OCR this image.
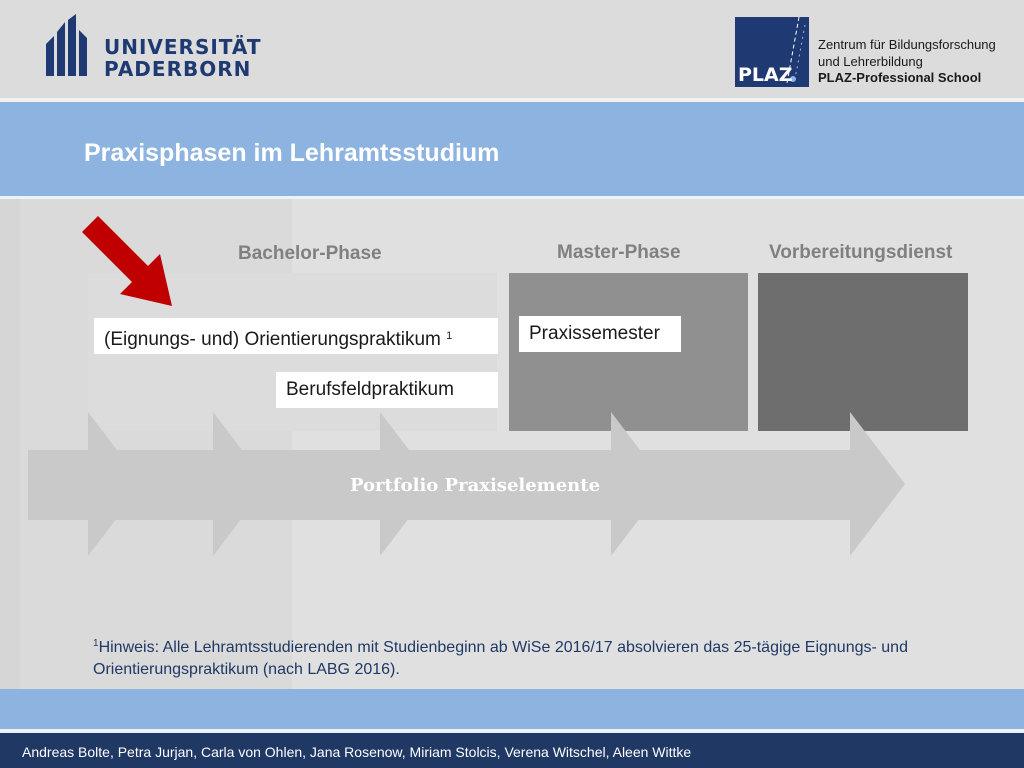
UNIVERSITÄT
PADERBORN	PLAZ
Zentrum für Bildungsforschung
und Lehrerbildung
PLAZ-Professional School
Praxisphasen im Lehramtsstudium
Bachelor-Phase	Master-Phase	Vorbereitungsdienst
Portfolio Praxiselemente
(Eignungs- und) Orientierungspraktikum $^1$
Berufsfeldpraktikum
Praxissemester
$^1$Hinweis: Alle Lehramtsstudierenden mit Studienbeginn ab WiSe 2016/17 absolvieren das 25-tägige Eignungs- und Orientierungspraktikum (nach LABG 2016).
Andreas Bolte, Petra Jurjan, Carla von Ohlen, Jana Rosenow, Miriam Stolcis, Verena Witschel, Aleen Wittke
